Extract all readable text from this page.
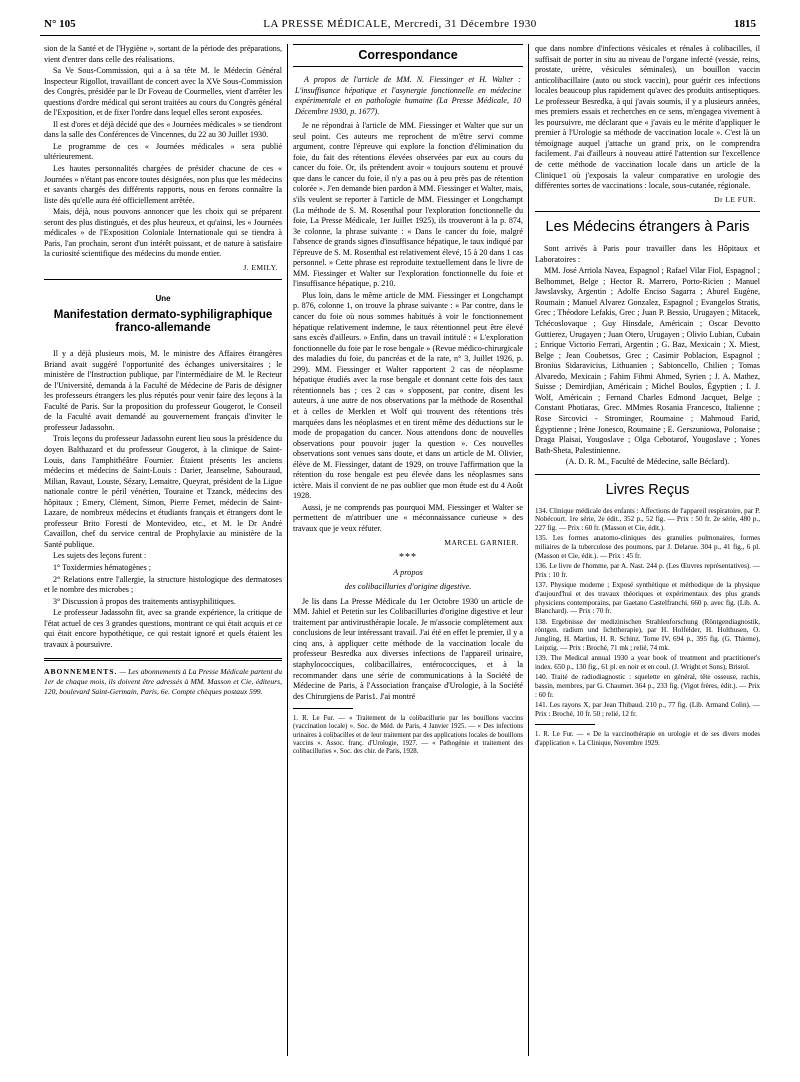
N° 105	LA PRESSE MÉDICALE, Mercredi, 31 Décembre 1930	1815

sion de la Santé et de l'Hygiène », sortant de la période des préparations, vient d'entrer dans celle des réalisations.

Sa Ve Sous-Commission, qui a à sa tête M. le Médecin Général Inspecteur Rigollot, travaillant de concert avec la XVe Sous-Commission des Congrès, présidée par le Dr Foveau de Courmelles, vient d'arrêter les questions d'ordre médical qui seront traitées au cours du Congrès général de l'Exposition, et de fixer l'ordre dans lequel elles seront exposées.

Il est d'ores et déjà décidé que des « Journées médicales » se tiendront dans la salle des Conférences de Vincennes, du 22 au 30 Juillet 1930.

Le programme de ces « Journées médicales » sera publié ultérieurement.

Les hautes personnalités chargées de présider chacune de ces « Journées » n'étant pas encore toutes désignées, non plus que les médecins et savants chargés des différents rapports, nous en ferons connaître la liste dès qu'elle aura été officiellement arrêtée.

Mais, déjà, nous pouvons annoncer que les choix qui se préparent seront des plus distingués, et des plus heureux, et qu'ainsi, les « Journées médicales » de l'Exposition Coloniale Internationale qui se tiendra à Paris, l'an prochain, seront d'un intérêt puissant, et de nature à satisfaire la curiosité scientifique des médecins du monde entier.

J. EMILY.
Une
Manifestation dermato-syphiligraphique franco-allemande

Il y a déjà plusieurs mois, M. le ministre des Affaires étrangères Briand avait suggéré l'opportunité des échanges universitaires ; le ministère de l'Instruction publique, par l'intermédiaire de M. le Recteur de l'Université, demanda à la Faculté de Médecine de Paris de désigner les professeurs étrangers les plus réputés pour venir faire des leçons à la Faculté de Paris. Sur la proposition du professeur Gougerot, le Conseil de la Faculté avait demandé au gouvernement français d'inviter le professeur Jadassohn.

Trois leçons du professeur Jadassohn eurent lieu sous la présidence du doyen Balthazard et du professeur Gougerot, à la clinique de Saint-Louis, dans l'amphithéâtre Fournier. Étaient présents les anciens médecins et médecins de Saint-Louis : Darier, Jeanselme, Sabouraud, Milian, Ravaut, Louste, Sézary, Lemaitre, Queyrat, président de la Ligue nationale contre le péril vénérien, Touraine et Tzanck, médecins des hôpitaux ; Emery, Clément, Simon, Pierre Fernet, médecin de Saint-Lazare, de nombreux médecins et étudiants français et étrangers dont le professeur Brito Foresti de Montevideo, etc., et M. le Dr André Cavaillon, chef du service central de Prophylaxie au ministère de la Santé publique.

Les sujets des leçons furent :

1° Toxidermies hématogènes ;

2° Relations entre l'allergie, la structure histologique des dermatoses et le nombre des microbes ;

3° Discussion à propos des traitements antisyphilitiques.

Le professeur Jadassohn fit, avec sa grande expérience, la critique de l'état actuel de ces 3 grandes questions, montrant ce qui était acquis et ce qui était encore hypothétique, ce qui restait ignoré et quels étaient les travaux à poursuivre.

ABONNEMENTS. — Les abonnements à La Presse Médicale partent du 1er de chaque mois, ils doivent être adressés à MM. Masson et Cie, éditeurs, 120, boulevard Saint-Germain, Paris, 6e. Compte chèques postaux 599.

Correspondance

A propos de l'article de MM. N. Fiessinger et H. Walter : L'insuffisance hépatique et l'asynergie fonctionnelle en médecine expérimentale et en pathologie humaine (La Presse Médicale, 10 Décembre 1930, p. 1677).

Je ne répondrai à l'article de MM. Fiessinger et Walter que sur un seul point. Ces auteurs me reprochent de m'être servi comme argument, contre l'épreuve qui explore la fonction d'élimination du foie, du fait des rétentions élevées observées par eux au cours du cancer du foie. Or, ils prétendent avoir « toujours soutenu et prouvé que dans le cancer du foie, il n'y a pas ou à peu près pas de rétention colorée ». J'en demande bien pardon à MM. Fiessinger et Walter, mais, s'ils veulent se reporter à l'article de MM. Fiessinger et Longchampt (La méthode de S. M. Rosenthal pour l'exploration fonctionnelle du foie, La Presse Médicale, 1er Juillet 1925), ils trouveront à la p. 874, 3e colonne, la phrase suivante : « Dans le cancer du foie, malgré l'absence de grands signes d'insuffisance hépatique, le taux indiqué par l'épreuve de S. M. Rosenthal est relativement élevé, 15 à 20 dans 1 cas personnel. » Cette phrase est reproduite textuellement dans le livre de MM. Fiessinger et Walter sur l'exploration fonctionnelle du foie et l'insuffisance hépatique, p. 210.

Plus loin, dans le même article de MM. Fiessinger et Longchampt p. 876, colonne 1, on trouve la phrase suivante : « Par contre, dans le cancer du foie où nous sommes habitués à voir le fonctionnement hépatique relativement indemne, le taux rétentionnel peut être élevé sans excès d'ailleurs. » Enfin, dans un travail intitulé : « L'exploration fonctionnelle du foie par le rose bengale » (Revue médico-chirurgicale des maladies du foie, du pancréas et de la rate, n° 3, Juillet 1926, p. 299). MM. Fiessinger et Walter rapportent 2 cas de néoplasme hépatique étudiés avec la rose bengale et donnant cette fois des taux rétentionnels bas ; ces 2 cas « s'opposent, par contre, disent les auteurs, à une autre de nos observations par la méthode de Rosenthal et à celles de Merklen et Wolf qui trouvent des rétentions très marquées dans les néoplasmes et en tirent même des déductions sur le mode de propagation du cancer. Nous attendons donc de nouvelles observations pour pouvoir juger la question ». Ces nouvelles observations sont venues sans doute, et dans un article de M. Olivier, élève de M. Fiessinger, datant de 1929, on trouve l'affirmation que la rétention du rose bengale est peu élevée dans les néoplasmes sans ictère. Mais il convient de ne pas oublier que mon étude est du 4 Août 1928.

Aussi, je ne comprends pas pourquoi MM. Fiessinger et Walter se permettent de m'attribuer une « méconnaissance curieuse » des travaux que je veux réfuter.

MARCEL GARNIER.
***
A propos
des colibacilluries d'origine digestive.

Je lis dans La Presse Médicale du 1er Octobre 1930 un article de MM. Jahiel et Petetin sur les Colibacilluries d'origine digestive et leur traitement par antivirusthérapie locale. Je m'associe complètement aux conclusions de leur intéressant travail. J'ai été en effet le premier, il y a cinq ans, à appliquer cette méthode de la vaccination locale du professeur Besredka aux diverses infections de l'appareil urinaire, staphylococciques, colibacillaires, entérococciques, et à la recommander dans une série de communications à la Société de Médecine de Paris, à l'Association française d'Urologie, à la Société des Chirurgiens de Paris1. J'ai montré

1. R. Le Fur. — « Traitement de la colibacillurie par les bouillons vaccins (vaccination locale) ». Soc. de Méd. de Paris, 4 Janvier 1925. — « Des infections urinaires à colibacilles et de leur traitement par des applications locales de bouillons vaccins ». Assoc. franç. d'Urologie, 1927. — « Pathogénie et traitement des colibacilluries ». Soc. des chir. de Paris, 1928.

que dans nombre d'infections vésicales et rénales à colibacilles, il suffisait de porter in situ au niveau de l'organe infecté (vessie, reins, prostate, urètre, vésicules séminales), un bouillon vaccin anticolibacillaire (auto ou stock vaccin), pour guérir ces infections locales beaucoup plus rapidement qu'avec des produits antiseptiques. Le professeur Besredka, à qui j'avais soumis, il y a plusieurs années, mes premiers essais et recherches en ce sens, m'engagea vivement à les poursuivre, me déclarant que « j'avais eu le mérite d'appliquer le premier à l'Urologie sa méthode de vaccination locale ». C'est là un témoignage auquel j'attache un grand prix, on le comprendra facilement. J'ai d'ailleurs à nouveau attiré l'attention sur l'excellence de cette méthode de vaccination locale dans un article de la Clinique1 où j'exposais la valeur comparative en urologie des différentes sortes de vaccinations : locale, sous-cutanée, régionale.

Dr LE FUR.
Les Médecins étrangers à Paris

Sont arrivés à Paris pour travailler dans les Hôpitaux et Laboratoires :

MM. José Arriola Navea, Espagnol ; Rafael Vilar Fiol, Espagnol ; Belhommet, Belge ; Hector R. Marrero, Porto-Ricien ; Manuel Jawslavsky, Argentin ; Adolfe Enciso Sagarra ; Aburel Eugène, Roumain ; Manuel Alvarez Gonzalez, Espagnol ; Evangelos Stratis, Grec ; Théodore Lefakis, Grec ; Juan P. Bessio, Urugayen ; Mitacek, Tchécoslovaque ; Guy Hinsdale, Américain ; Oscar Devotto Guttierez, Urugayen ; Juan Otero, Urugayen ; Olivio Lubian, Cubain ; Enrique Victorio Ferrari, Argentin ; G. Baz, Mexicain ; X. Miest, Belge ; Jean Coubetsos, Grec ; Casimir Poblacion, Espagnol ; Bronius Sidaravicius, Lithuanien ; Sabioncello, Chilien ; Tomas Alvaredo, Mexicain ; Fahim Fihmi Ahmed, Syrien ; J. A. Mathez, Suisse ; Demirdjian, Américain ; Michel Boulos, Égyptien ; I. J. Wolf, Américain ; Fernand Charles Edmond Jacquet, Belge ; Constant Photiaras, Grec. MMmes Rosania Francesco, Italienne ; Rose Sircovici - Strominger, Roumaine ; Mahmoud Farid, Égyptienne ; Irène Jonesco, Roumaine ; E. Gerszuniowa, Polonaise ; Draga Plaisai, Yougoslave ; Olga Cebotarof, Yougoslave ; Yones Bath-Sheta, Palestinienne.

(A. D. R. M., Faculté de Médecine, salle Béclard).

Livres Reçus

134. Clinique médicale des enfants : Affections de l'appareil respiratoire, par P. Nobécourt. 1re série, 2e édit., 352 p., 52 fig. — Prix : 50 fr. 2e série, 480 p., 227 fig. — Prix : 60 fr. (Masson et Cie, édit.).

135. Les formes anatomo-cliniques des granulies pulmonaires, formes miliaires de la tuberculose des poumons, par J. Delarue. 304 p., 41 fig., 6 pl. (Masson et Cie, édit.). — Prix : 45 fr.

136. Le livre de l'homme, par A. Nast. 244 p. (Les Œuvres représentatives). — Prix : 10 fr.

137. Physique moderne ; Exposé synthétique et méthodique de la physique d'aujourd'hui et des travaux théoriques et expérimentaux des plus grands physiciens contemporains, par Gaetano Castelfranchi. 660 p. avec fig. (Lib. A. Blanchard). — Prix : 70 fr.

138. Ergebnisse der medizinischen Strahlenforschung (Röntgendiagnostik, röntgen. radium und lichttherapie), par H. Holfelder, H. Holthusen, O. Jungling, H. Martius, H. R. Schinz. Tome IV, 694 p., 395 fig. (G. Thieme), Leipzig. — Prix : Broché, 71 mk ; relié, 74 mk.

139. The Medical annual 1930 a year book of treatment and practitioner's index. 650 p., 130 fig., 61 pl. en noir et en coul. (J. Wright et Sons), Bristol.

140. Traité de radiodiagnostic : squelette en général, tête osseuse, rachis, bassin, membres, par G. Chaumet. 364 p., 233 fig. (Vigot frères, édit.). — Prix : 60 fr.

141. Les rayons X, par Jean Thibaud. 210 p., 77 fig. (Lib. Armand Colin). — Prix : Broché, 10 fr. 50 ; relié, 12 fr.

1. R. Le Fur. — « De la vaccinothérapie en urologie et de ses divers modes d'application ». La Clinique, Novembre 1929.
